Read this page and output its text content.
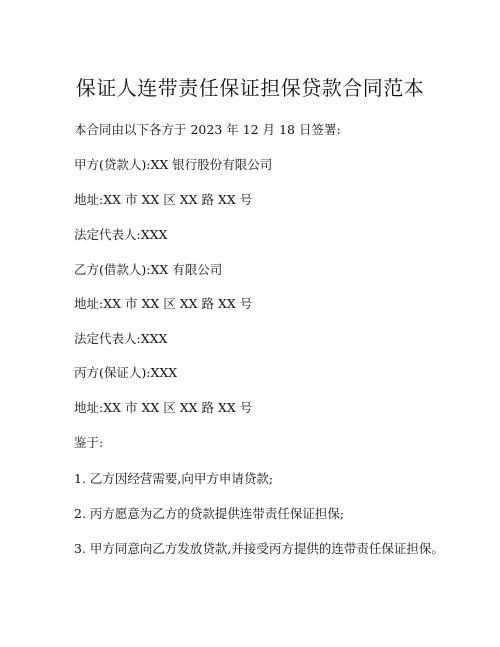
保证人连带责任保证担保贷款合同范本
本合同由以下各方于 2023 年 12 月 18 日签署:
甲方(贷款人):XX 银行股份有限公司
地址:XX 市 XX 区 XX 路 XX 号
法定代表人:XXX
乙方(借款人):XX 有限公司
地址:XX 市 XX 区 XX 路 XX 号
法定代表人:XXX
丙方(保证人):XXX
地址:XX 市 XX 区 XX 路 XX 号
鉴于:
1. 乙方因经营需要,向甲方申请贷款;
2. 丙方愿意为乙方的贷款提供连带责任保证担保;
3. 甲方同意向乙方发放贷款,并接受丙方提供的连带责任保证担保。
